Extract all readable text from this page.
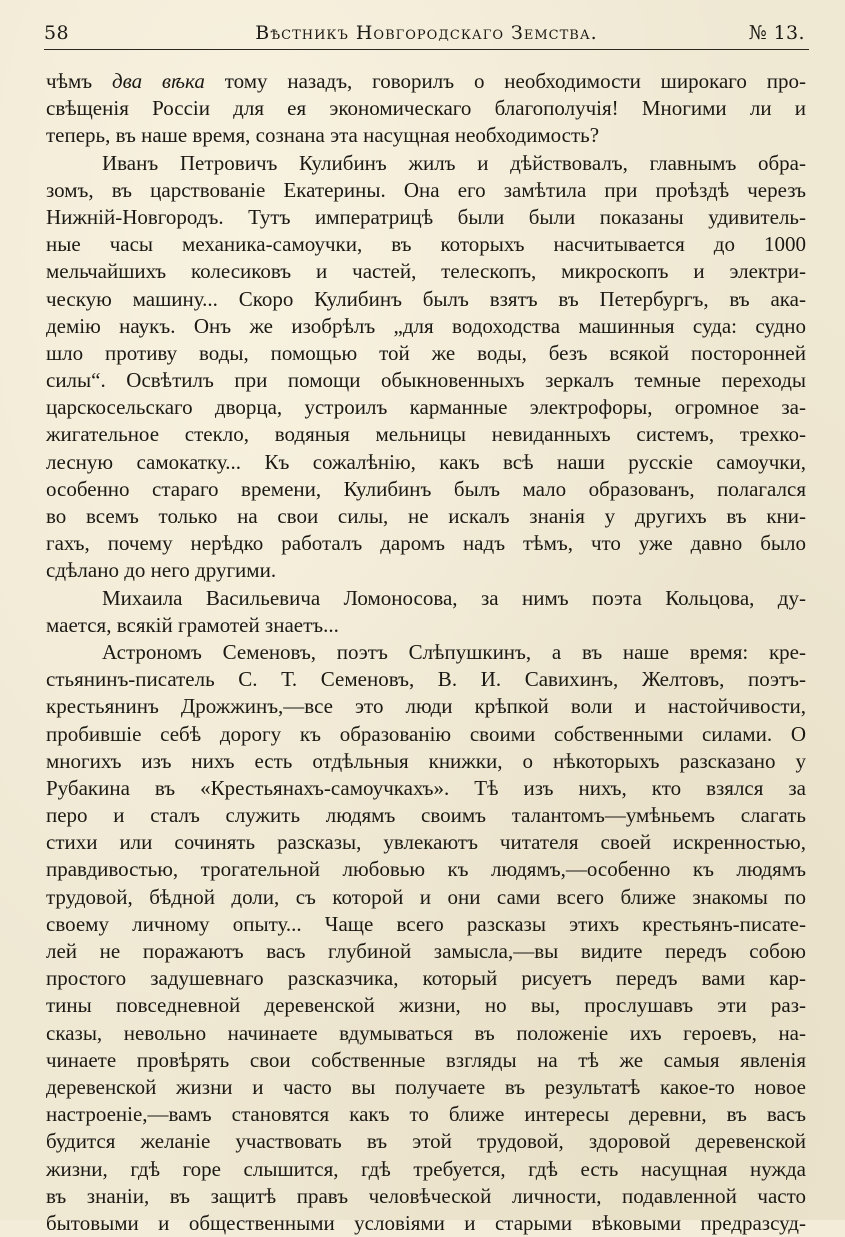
58	Вѣстникъ Новгородскаго Земства.	№ 13.
чѣмъ два вѣка тому назадъ, говорилъ о необходимости широкаго про-
свѣщенія Россіи для ея экономическаго благополучія! Многими ли и
теперь, въ наше время, сознана эта насущная необходимость?
Иванъ Петровичъ Кулибинъ жилъ и дѣйствовалъ, главнымъ обра-
зомъ, въ царствованіе Екатерины. Она его замѣтила при проѣздѣ черезъ
Нижній-Новгородъ. Тутъ императрицѣ были были показаны удивитель-
ные часы механика-самоучки, въ которыхъ насчитывается до 1000
мельчайшихъ колесиковъ и частей, телескопъ, микроскопъ и электри-
ческую машину... Скоро Кулибинъ былъ взятъ въ Петербургъ, въ ака-
демію наукъ. Онъ же изобрѣлъ „для водоходства машинныя суда: судно
шло противу воды, помощью той же воды, безъ всякой посторонней
силы“. Освѣтилъ при помощи обыкновенныхъ зеркалъ темные переходы
царскосельскаго дворца, устроилъ карманные электрофоры, огромное за-
жигательное стекло, водяныя мельницы невиданныхъ системъ, трехко-
лесную самокатку... Къ сожалѣнію, какъ всѣ наши русскіе самоучки,
особенно стараго времени, Кулибинъ былъ мало образованъ, полагался
во всемъ только на свои силы, не искалъ знанія у другихъ въ кни-
гахъ, почему нерѣдко работалъ даромъ надъ тѣмъ, что уже давно было
сдѣлано до него другими.
Михаила Васильевича Ломоносова, за нимъ поэта Кольцова, ду-
мается, всякій грамотей знаетъ...
Астрономъ Семеновъ, поэтъ Слѣпушкинъ, а въ наше время: кре-
стьянинъ-писатель С. Т. Семеновъ, В. И. Савихинъ, Желтовъ, поэтъ-
крестьянинъ Дрожжинъ,—все это люди крѣпкой воли и настойчивости,
пробившіе себѣ дорогу къ образованію своими собственными силами. О
многихъ изъ нихъ есть отдѣльныя книжки, о нѣкоторыхъ разсказано у
Рубакина въ «Крестьянахъ-самоучкахъ». Тѣ изъ нихъ, кто взялся за
перо и сталъ служить людямъ своимъ талантомъ—умѣньемъ слагать
стихи или сочинять разсказы, увлекаютъ читателя своей искренностью,
правдивостью, трогательной любовью къ людямъ,—особенно къ людямъ
трудовой, бѣдной доли, съ которой и они сами всего ближе знакомы по
своему личному опыту... Чаще всего разсказы этихъ крестьянъ-писате-
лей не поражаютъ васъ глубиной замысла,—вы видите передъ собою
простого задушевнаго разсказчика, который рисуетъ передъ вами кар-
тины повседневной деревенской жизни, но вы, прослушавъ эти раз-
сказы, невольно начинаете вдумываться въ положеніе ихъ героевъ, на-
чинаете провѣрять свои собственные взгляды на тѣ же самыя явленія
деревенской жизни и часто вы получаете въ результатѣ какое-то новое
настроеніе,—вамъ становятся какъ то ближе интересы деревни, въ васъ
будится желаніе участвовать въ этой трудовой, здоровой деревенской
жизни, гдѣ горе слышится, гдѣ требуется, гдѣ есть насущная нужда
въ знаніи, въ защитѣ правъ человѣческой личности, подавленной часто
бытовыми и общественными условіями и старыми вѣковыми предразсуд-
